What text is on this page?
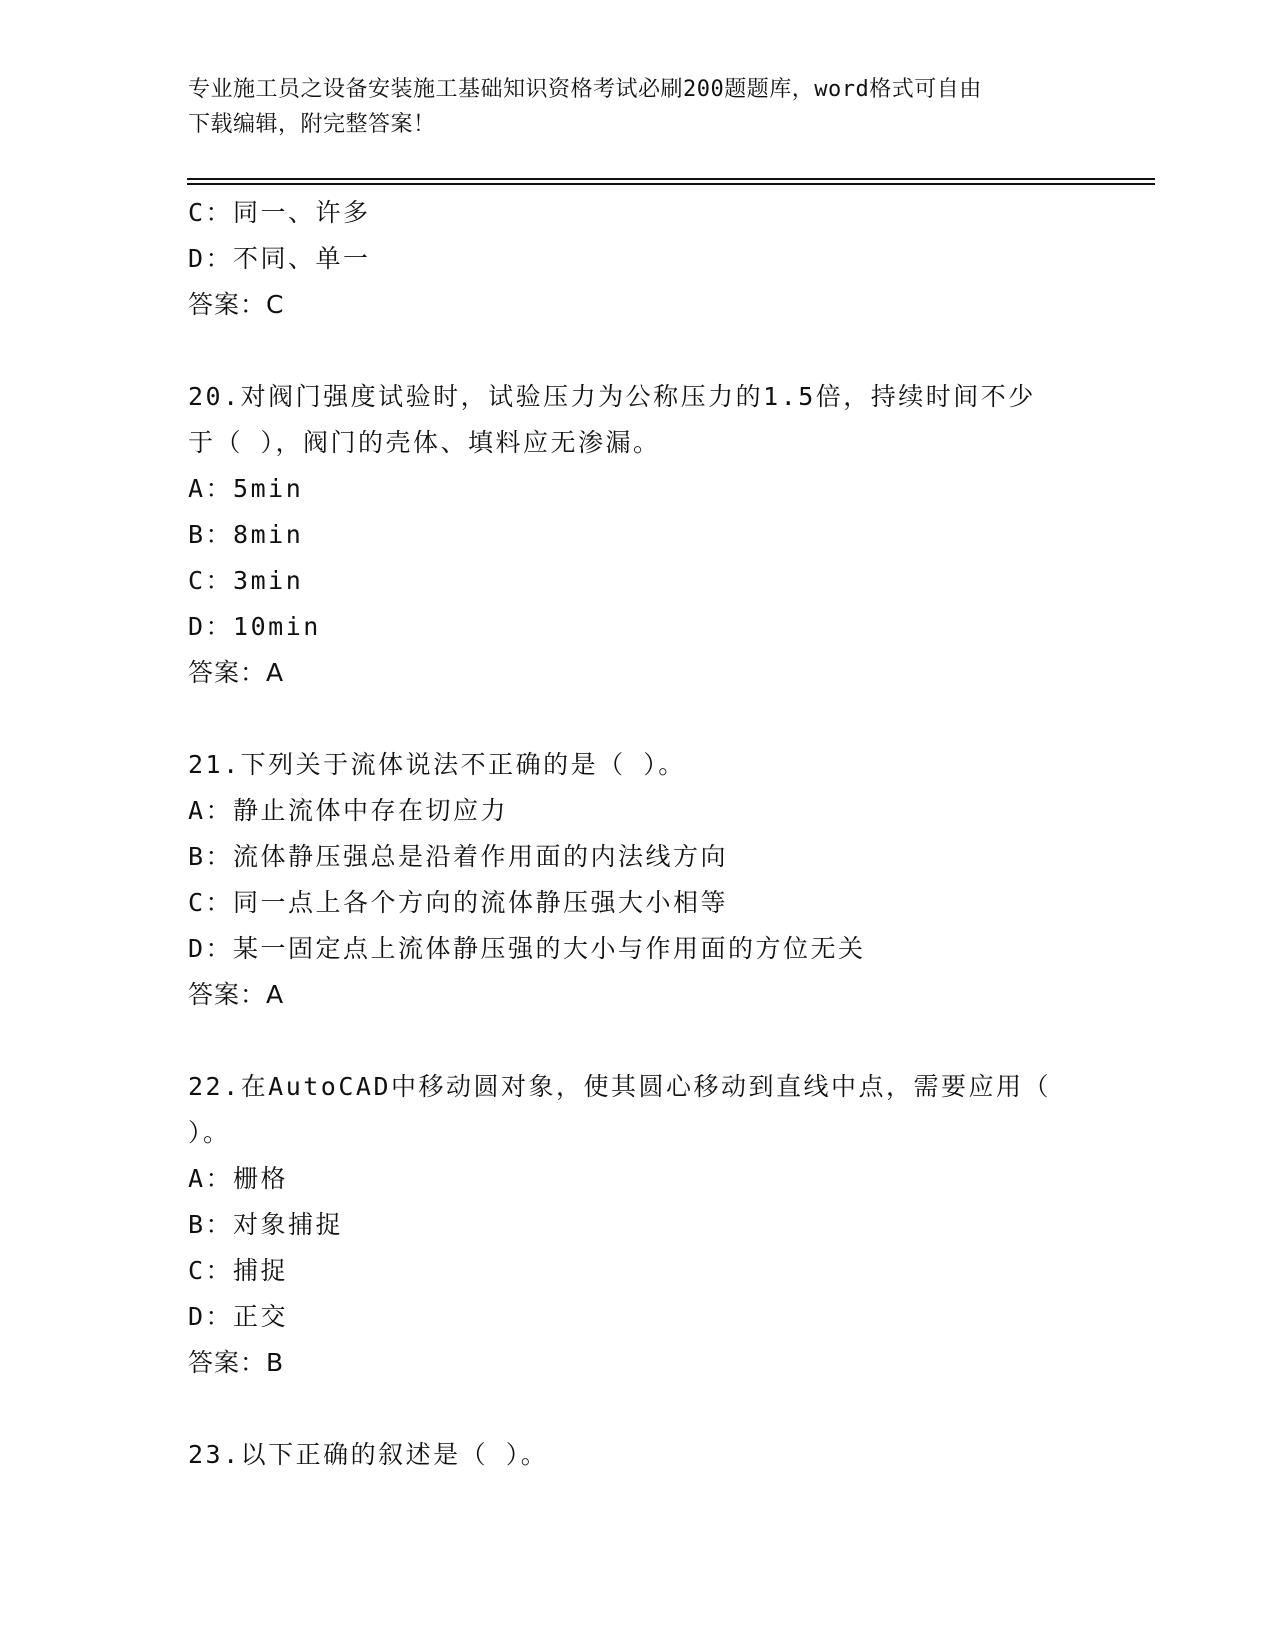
专业施工员之设备安装施工基础知识资格考试必刷200题题库，word格式可自由
下载编辑，附完整答案！
C：同一、许多
D：不同、单一
答案：C
20.对阀门强度试验时，试验压力为公称压力的1.5倍，持续时间不少
于（ ），阀门的壳体、填料应无渗漏。
A：5min
B：8min
C：3min
D：10min
答案：A
21.下列关于流体说法不正确的是（ ）。
A：静止流体中存在切应力
B：流体静压强总是沿着作用面的内法线方向
C：同一点上各个方向的流体静压强大小相等
D：某一固定点上流体静压强的大小与作用面的方位无关
答案：A
22.在AutoCAD中移动圆对象，使其圆心移动到直线中点，需要应用（
）。
A：栅格
B：对象捕捉
C：捕捉
D：正交
答案：B
23.以下正确的叙述是（ ）。
